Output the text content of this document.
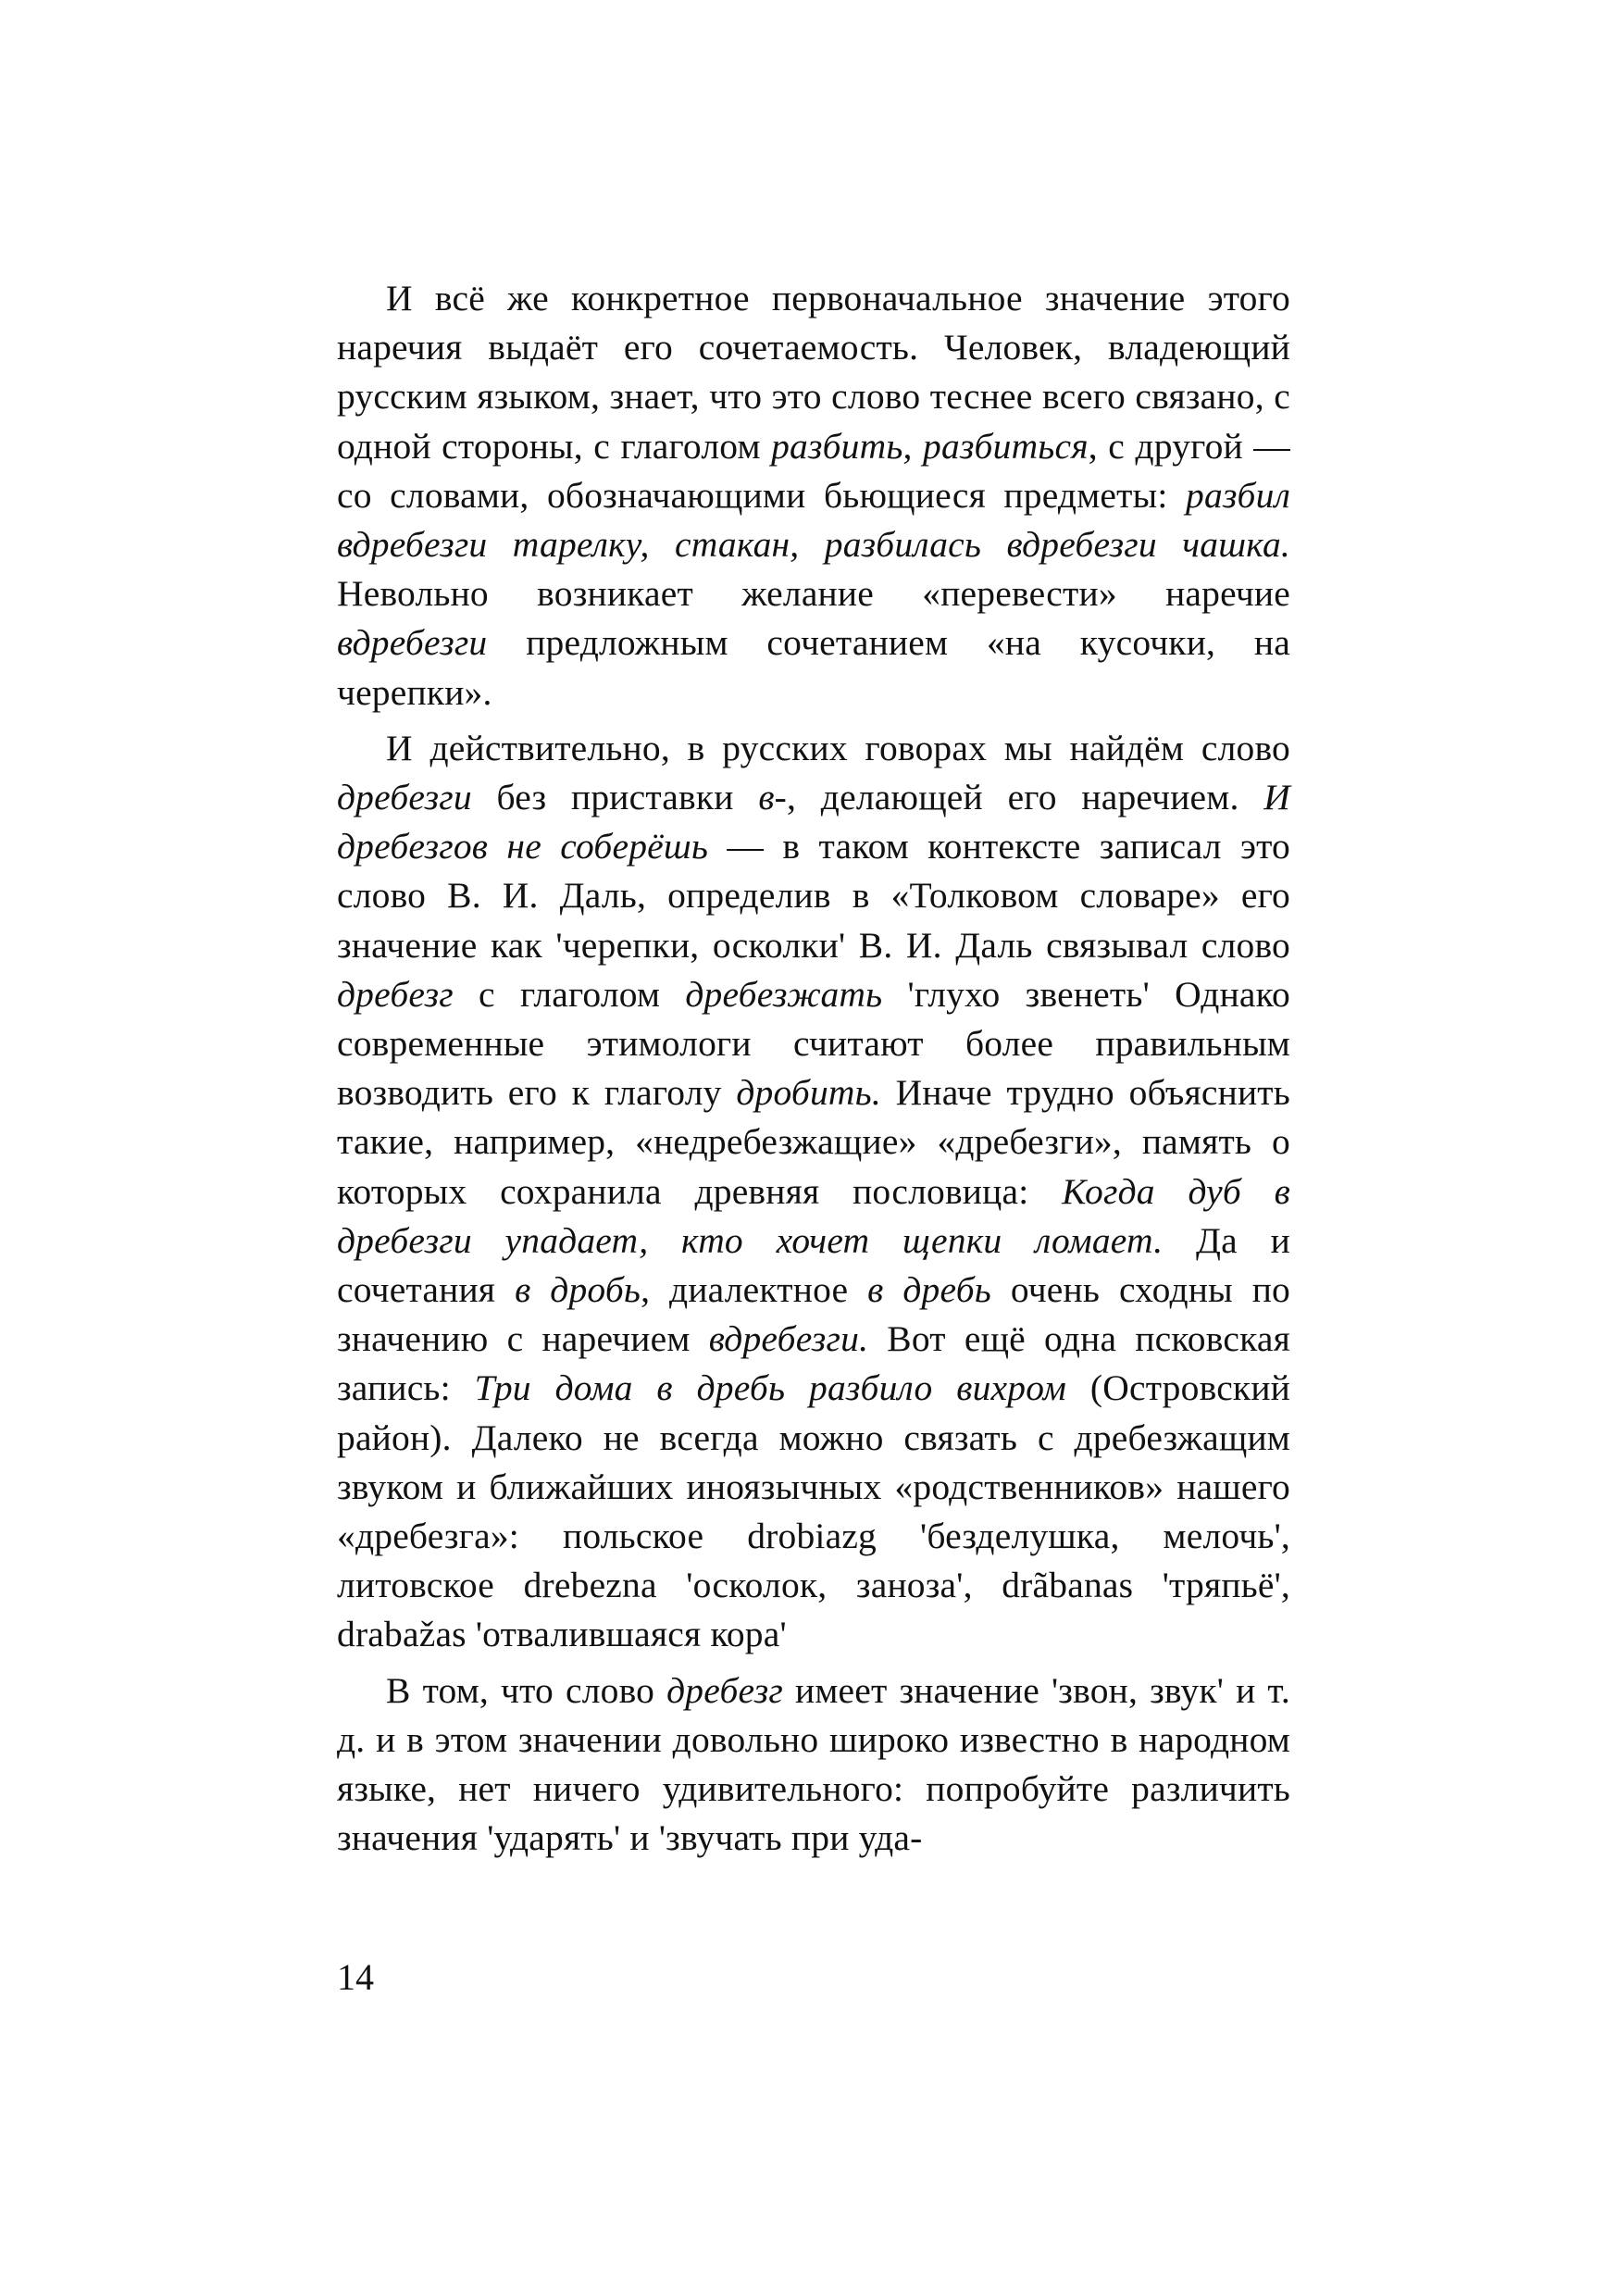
И всё же конкретное первоначальное значение этого наречия выдаёт его сочетаемость. Человек, владеющий русским языком, знает, что это слово теснее всего связано, с одной стороны, с глаголом разбить, разбиться, с другой — со словами, обозначающими бьющиеся предметы: разбил вдребезги тарелку, стакан, разбилась вдребезги чашка. Невольно возникает желание «перевести» наречие вдребезги предложным сочетанием «на кусочки, на черепки».

И действительно, в русских говорах мы найдём слово дребезги без приставки в-, делающей его наречием. И дребезгов не соберёшь — в таком контексте записал это слово В. И. Даль, определив в «Толковом словаре» его значение как 'черепки, осколки' В. И. Даль связывал слово дребезг с глаголом дребезжать 'глухо звенеть' Однако современные этимологи считают более правильным возводить его к глаголу дробить. Иначе трудно объяснить такие, например, «недребезжащие» «дребезги», память о которых сохранила древняя пословица: Когда дуб в дребезги упадает, кто хочет щепки ломает. Да и сочетания в дробь, диалектное в дребь очень сходны по значению с наречием вдребезги. Вот ещё одна псковская запись: Три дома в дребь разбило вихром (Островский район). Далеко не всегда можно связать с дребезжащим звуком и ближайших иноязычных «родственников» нашего «дребезга»: польское drobiazg 'безделушка, мелочь', литовское drebezna 'осколок, заноза', drãbanas 'тряпьё', drabažas 'отвалившаяся кора'

В том, что слово дребезг имеет значение 'звон, звук' и т. д. и в этом значении довольно широко известно в народном языке, нет ничего удивительного: попробуйте различить значения 'ударять' и 'звучать при уда-

14
